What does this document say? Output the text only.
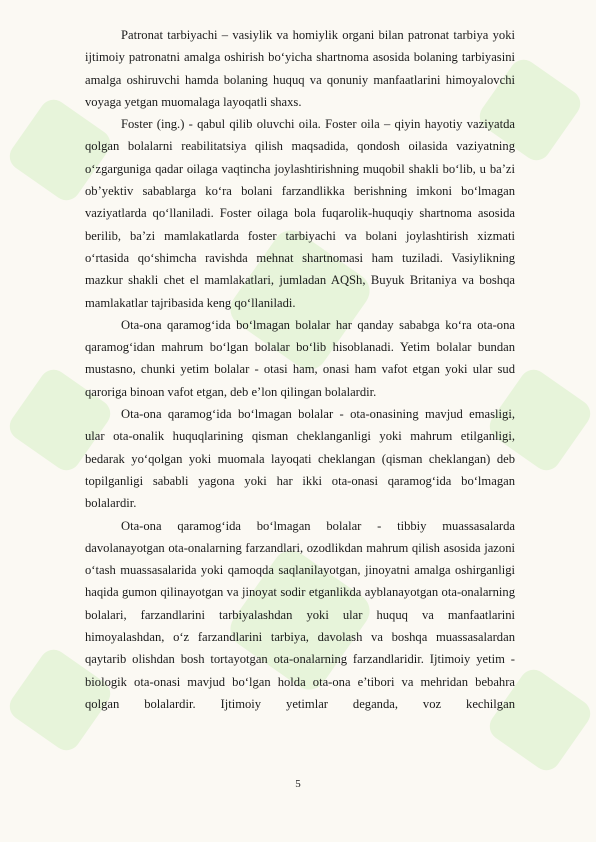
Patronat tarbiyachi – vasiylik va homiylik organi bilan patronat tarbiya yoki ijtimoiy patronatni amalga oshirish bo‘yicha shartnoma asosida bolaning tarbiyasini amalga oshiruvchi hamda bolaning huquq va qonuniy manfaatlarini himoyalovchi voyaga yetgan muomalaga layoqatli shaxs.

Foster (ing.) - qabul qilib oluvchi oila. Foster oila – qiyin hayotiy vaziyatda qolgan bolalarni reabilitatsiya qilish maqsadida, qondosh oilasida vaziyatning o‘zgarguniga qadar oilaga vaqtincha joylashtirishning muqobil shakli bo‘lib, u ba’zi ob’yektiv sabablarga ko‘ra bolani farzandlikka berishning imkoni bo‘lmagan vaziyatlarda qo‘llaniladi. Foster oilaga bola fuqarolik-huquqiy shartnoma asosida berilib, ba’zi mamlakatlarda foster tarbiyachi va bolani joylashtirish xizmati o‘rtasida qo‘shimcha ravishda mehnat shartnomasi ham tuziladi. Vasiylikning mazkur shakli chet el mamlakatlari, jumladan AQSh, Buyuk Britaniya va boshqa mamlakatlar tajribasida keng qo‘llaniladi.

Ota-ona qaramog‘ida bo‘lmagan bolalar har qanday sababga ko‘ra ota-ona qaramog‘idan mahrum bo‘lgan bolalar bo‘lib hisoblanadi. Yetim bolalar bundan mustasno, chunki yetim bolalar - otasi ham, onasi ham vafot etgan yoki ular sud qaroriga binoan vafot etgan, deb e’lon qilingan bolalardir.

Ota-ona qaramog‘ida bo‘lmagan bolalar - ota-onasining mavjud emasligi, ular ota-onalik huquqlarining qisman cheklanganligi yoki mahrum etilganligi, bedarak yo‘qolgan yoki muomala layoqati cheklangan (qisman cheklangan) deb topilganligi sababli yagona yoki har ikki ota-onasi qaramog‘ida bo‘lmagan bolalardir.

Ota-ona qaramog‘ida bo‘lmagan bolalar - tibbiy muassasalarda davolanayotgan ota-onalarning farzandlari, ozodlikdan mahrum qilish asosida jazoni o‘tash muassasalarida yoki qamoqda saqlanilayotgan, jinoyatni amalga oshirganligi haqida gumon qilinayotgan va jinoyat sodir etganlikda ayblanayotgan ota-onalarning bolalari, farzandlarini tarbiyalashdan yoki ular huquq va manfaatlarini himoyalashdan, o‘z farzandlarini tarbiya, davolash va boshqa muassasalardan qaytarib olishdan bosh tortayotgan ota-onalarning farzandlaridir. Ijtimoiy yetim - biologik ota-onasi mavjud bo‘lgan holda ota-ona e’tibori va mehridan bebahra qolgan bolalardir. Ijtimoiy yetimlar deganda, voz kechilgan

5
